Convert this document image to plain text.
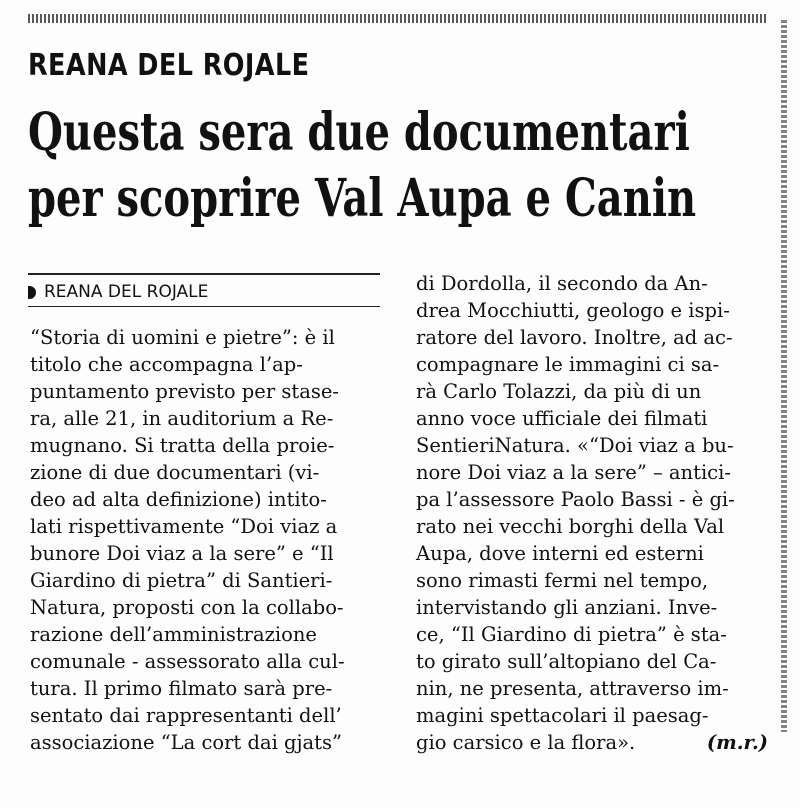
REANA DEL ROJALE
Questa sera due documentari
per scoprire Val Aupa e Canin
REANA DEL ROJALE
“Storia di uomini e pietre”: è il
titolo che accompagna l’ap-
puntamento previsto per stase-
ra, alle 21, in auditorium a Re-
mugnano. Si tratta della proie-
zione di due documentari (vi-
deo ad alta definizione) intito-
lati rispettivamente “Doi viaz a
bunore Doi viaz a la sere” e “Il
Giardino di pietra” di Santieri-
Natura, proposti con la collabo-
razione dell’amministrazione
comunale - assessorato alla cul-
tura. Il primo filmato sarà pre-
sentato dai rappresentanti dell’
associazione “La cort dai gjats”
di Dordolla, il secondo da An-
drea Mocchiutti, geologo e ispi-
ratore del lavoro. Inoltre, ad ac-
compagnare le immagini ci sa-
rà Carlo Tolazzi, da più di un
anno voce ufficiale dei filmati
SentieriNatura. «“Doi viaz a bu-
nore Doi viaz a la sere” – antici-
pa l’assessore Paolo Bassi - è gi-
rato nei vecchi borghi della Val
Aupa, dove interni ed esterni
sono rimasti fermi nel tempo,
intervistando gli anziani. Inve-
ce, “Il Giardino di pietra” è sta-
to girato sull’altopiano del Ca-
nin, ne presenta, attraverso im-
magini spettacolari il paesag-
gio carsico e la flora».	(m.r.)
